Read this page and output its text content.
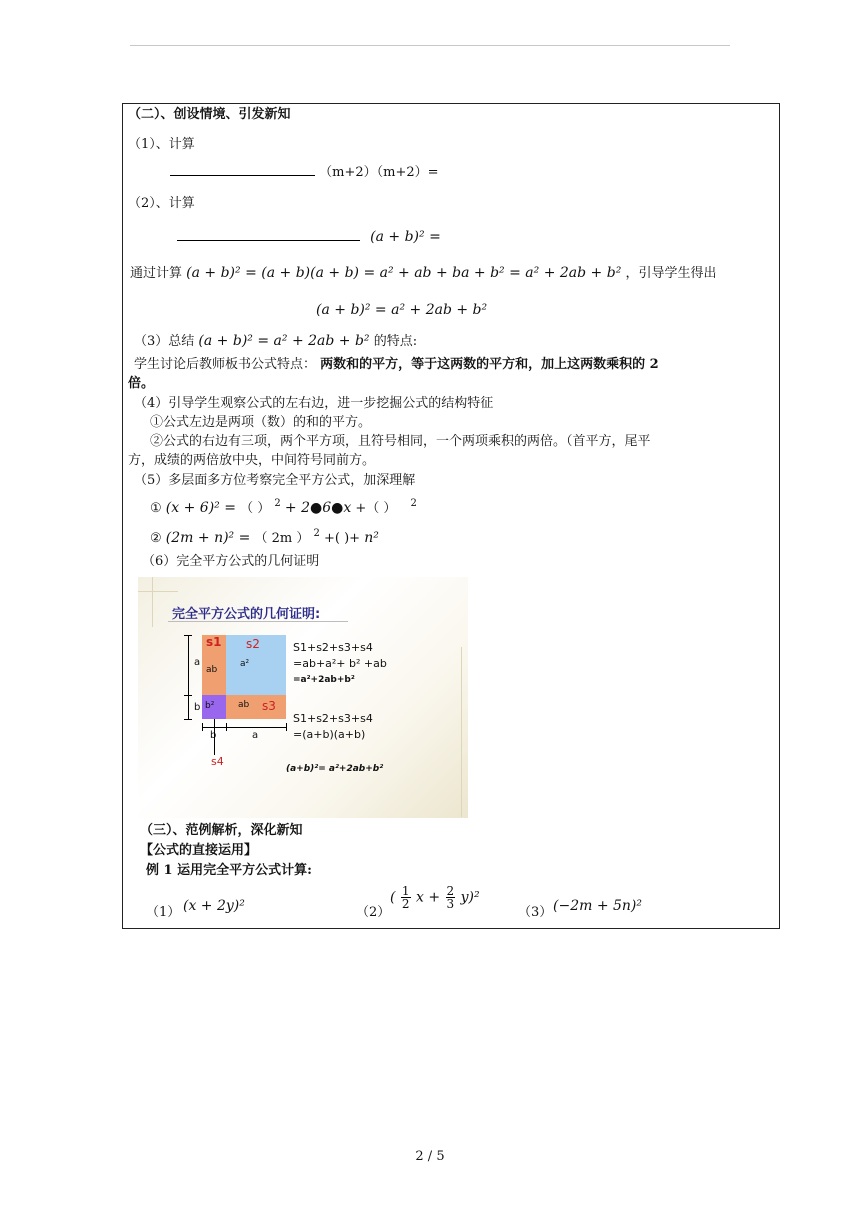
（二）、创设情境、引发新知
（1）、计算
（m+2）（m+2）=
（2）、计算
(a + b)² =
通过计算 (a + b)² = (a + b)(a + b) = a² + ab + ba + b² = a² + 2ab + b² ，引导学生得出
(a + b)² = a² + 2ab + b²
（3）总结 (a + b)² = a² + 2ab + b² 的特点:
学生讨论后教师板书公式特点： 两数和的平方，等于这两数的平方和，加上这两数乘积的 2
倍。
（4）引导学生观察公式的左右边，进一步挖掘公式的结构特征
①公式左边是两项（数）的和的平方。
②公式的右边有三项，两个平方项，且符号相同，一个两项乘积的两倍。（首平方，尾平
方，成绩的两倍放中央，中间符号同前方。
（5）多层面多方位考察完全平方公式，加深理解
① (x + 6)² = （ ） $^2$ + 2●6●x +（ ） $^2$
② (2m + n)² = （ 2m ） $^2$ +( )+ n²
（6）完全平方公式的几何证明
完全平方公式的几何证明:
s1
ab
s2
a²
b²	ab s3
a
b
b	a
s4
S1+s2+s3+s4
=ab+a²+ b² +ab
=a²+2ab+b²
S1+s2+s3+s4
=(a+b)(a+b)
(a+b)²= a²+2ab+b²
（三）、范例解析，深化新知
【公式的直接运用】
例 1 运用完全平方公式计算:
（1） (x + 2y)²	（2）
( $\frac{1}{2}$ $x + \frac{2}{3} y)^2$
（3） (−2m + 5n)²
2 / 5
